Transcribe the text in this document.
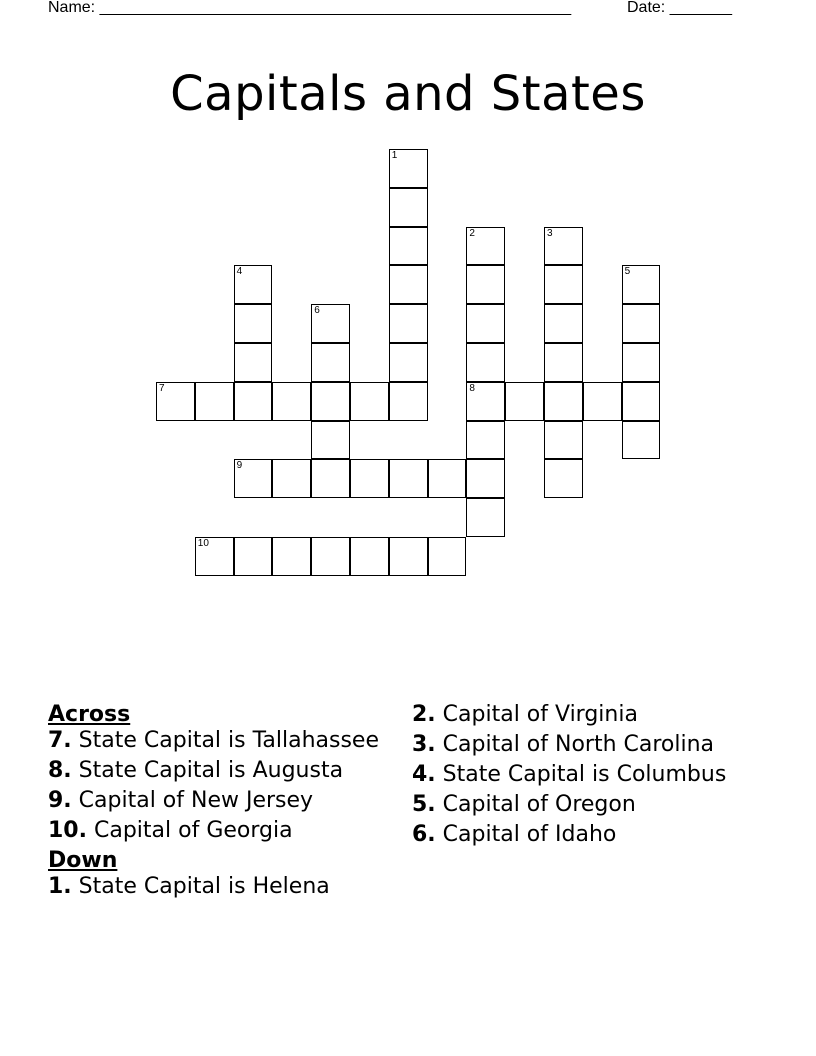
Name: _____________________________________________________	Date: _______
Capitals and States
1
2
8
3
4	5
6
7
9
10
Across
7. State Capital is Tallahassee
8. State Capital is Augusta
9. Capital of New Jersey
10. Capital of Georgia
Down
1. State Capital is Helena
2. Capital of Virginia
3. Capital of North Carolina
4. State Capital is Columbus
5. Capital of Oregon
6. Capital of Idaho
